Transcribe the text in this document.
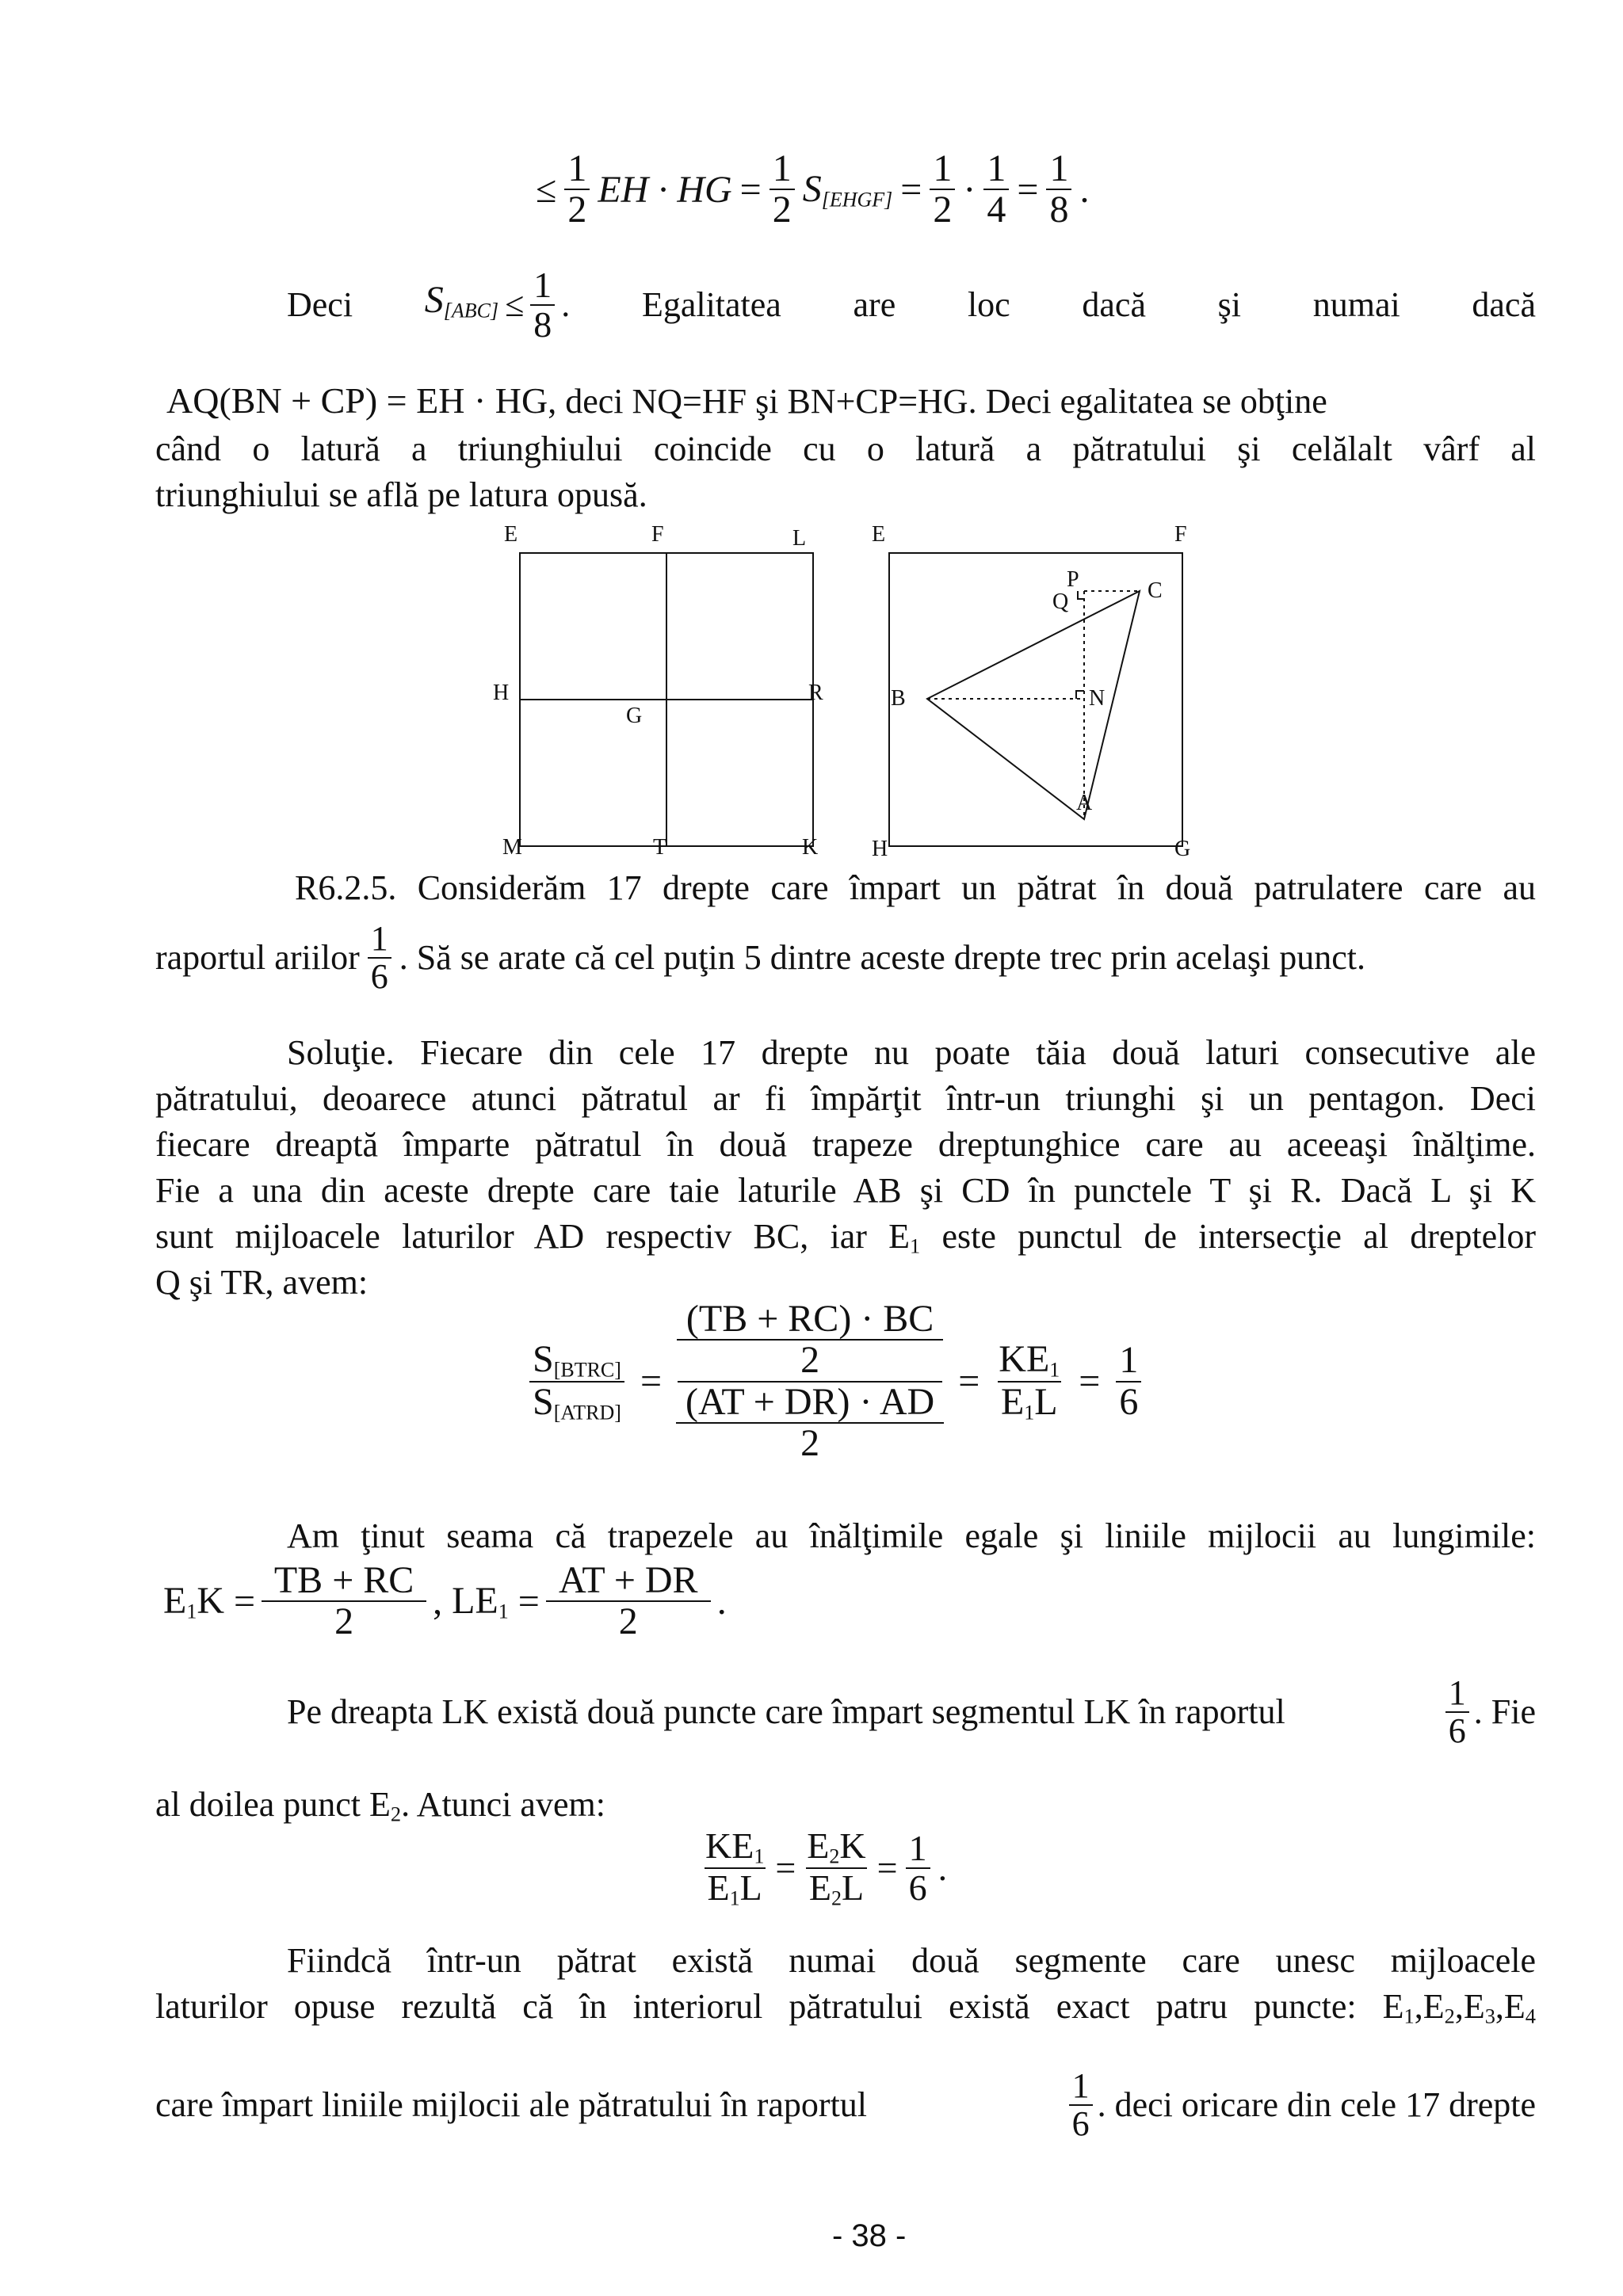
≤ $\frac{1}{2}$ EH · HG = $\frac{1}{2} S_{[EHGF]} = \frac{1}{2} \cdot \frac{1}{4} = \frac{1}{8}$ .
Deci $S_{[ABC]} \le \frac{1}{8}$ . Egalitatea are loc dacă şi numai dacă
AQ(BN + CP) = EH · HG, deci NQ=HF şi BN+CP=HG. Deci egalitatea se obţine
când o latură a triunghiului coincide cu o latură a pătratului şi celălalt vârf al
triunghiului se află pe latura opusă.
E	F	L
H
G
R
M	T	K
E	F
P
Q	C
B	N
A
H	G
R6.2.5. Considerăm 17 drepte care împart un pătrat în două patrulatere care au
raportul ariilor $\frac{1}{6}$ . Să se arate că cel puţin 5 dintre aceste drepte trec prin acelaşi punct.
Soluţie. Fiecare din cele 17 drepte nu poate tăia două laturi consecutive ale
pătratului, deoarece atunci pătratul ar fi împărţit într-un triunghi şi un pentagon. Deci
fiecare dreaptă împarte pătratul în două trapeze dreptunghice care au aceeaşi înălţime.
Fie a una din aceste drepte care taie laturile AB şi CD în punctele T şi R. Dacă L şi K
sunt mijloacele laturilor AD respectiv BC, iar $E_1$ este punctul de intersecţie al dreptelor
Q şi TR, avem:
$\frac{S_{[BTRC]}}{S_{[ATRD]}} = (TB + RC)$ · BC
2
(AT + DR) · AD
$2 = \frac{KE_1}{E_1L} = \frac{1}{6}$
Am ţinut seama că trapezele au înălţimile egale şi liniile mijlocii au lungimile:
$E_1K = \frac{TB + RC}{2}$ , $LE_1 = \frac{AT + DR}{2}$ .
Pe dreapta LK există două puncte care împart segmentul LK în raportul	$\frac{1}{6}$ . Fie
al doilea punct $E_2$. Atunci avem:
$\frac{KE_1}{E_1L} = \frac{E_2K}{E_2L} = \frac{1}{6}$ .
Fiindcă într-un pătrat există numai două segmente care unesc mijloacele
laturilor opuse rezultă că în interiorul pătratului există exact patru puncte: $E_1,E_2,E_3,E_4$
care împart liniile mijlocii ale pătratului în raportul	$\frac{1}{6}$ . deci oricare din cele 17 drepte
- 38 -
